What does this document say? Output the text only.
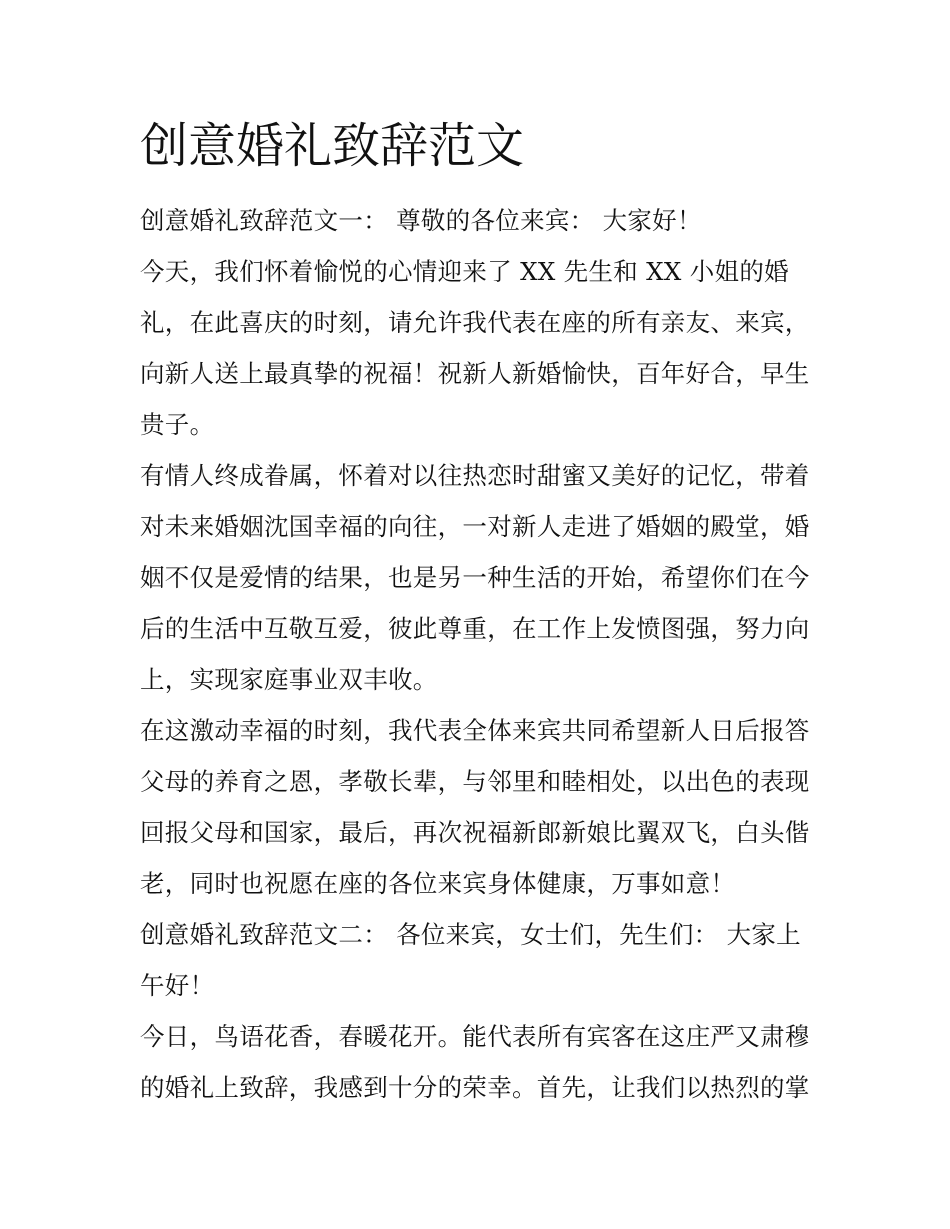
创意婚礼致辞范文
创意婚礼致辞范文一： 尊敬的各位来宾： 大家好！
今天，我们怀着愉悦的心情迎来了 XX 先生和 XX 小姐的婚
礼，在此喜庆的时刻，请允许我代表在座的所有亲友、来宾，
向新人送上最真挚的祝福！祝新人新婚愉快，百年好合，早生
贵子。
有情人终成眷属，怀着对以往热恋时甜蜜又美好的记忆，带着
对未来婚姻沈国幸福的向往，一对新人走进了婚姻的殿堂，婚
姻不仅是爱情的结果，也是另一种生活的开始，希望你们在今
后的生活中互敬互爱，彼此尊重，在工作上发愤图强，努力向
上，实现家庭事业双丰收。
在这激动幸福的时刻，我代表全体来宾共同希望新人日后报答
父母的养育之恩，孝敬长辈，与邻里和睦相处，以出色的表现
回报父母和国家，最后，再次祝福新郎新娘比翼双飞，白头偕
老，同时也祝愿在座的各位来宾身体健康，万事如意！
创意婚礼致辞范文二： 各位来宾，女士们，先生们： 大家上
午好！
今日，鸟语花香，春暖花开。能代表所有宾客在这庄严又肃穆
的婚礼上致辞，我感到十分的荣幸。首先，让我们以热烈的掌
